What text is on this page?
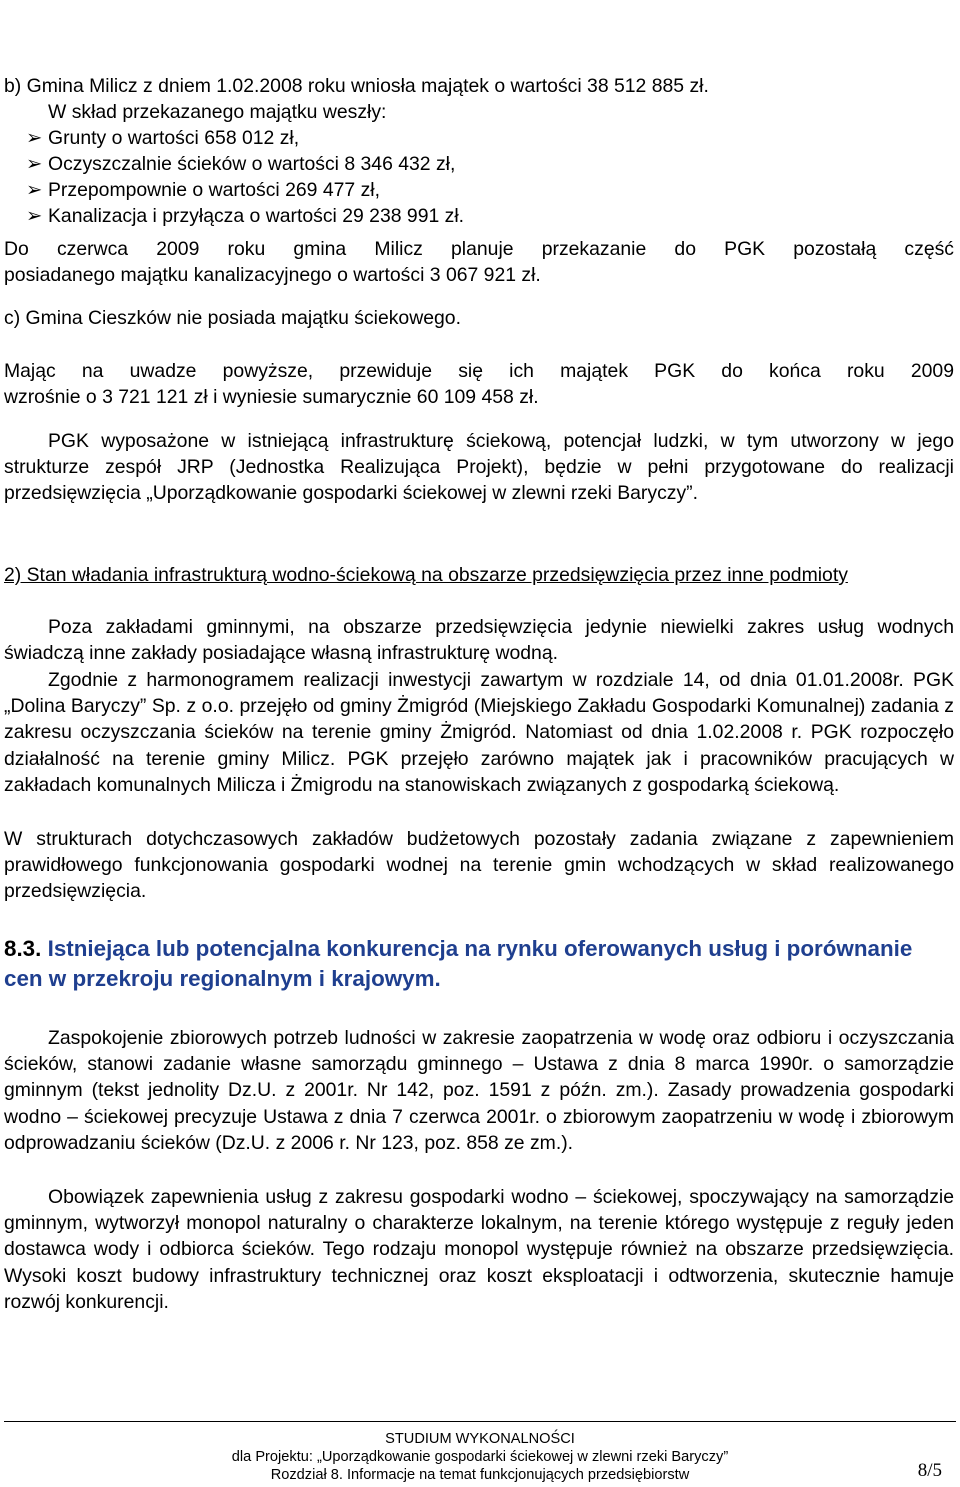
b) Gmina Milicz z dniem 1.02.2008 roku wniosła majątek o wartości 38 512 885 zł.
W skład przekazanego majątku weszły:
➢ Grunty o wartości 658 012 zł,
➢ Oczyszczalnie ścieków o wartości 8 346 432 zł,
➢ Przepompownie o wartości 269 477 zł,
➢ Kanalizacja i przyłącza o wartości 29 238 991 zł.
Do czerwca 2009 roku gmina Milicz planuje przekazanie do PGK pozostałą część
posiadanego majątku kanalizacyjnego o wartości 3 067 921 zł.
c) Gmina Cieszków nie posiada majątku ściekowego.
Mając na uwadze powyższe, przewiduje się ich majątek PGK do końca roku 2009
wzrośnie o 3 721 121 zł i wyniesie sumarycznie 60 109 458 zł.
PGK wyposażone w istniejącą infrastrukturę ściekową, potencjał ludzki, w tym utworzony w jego strukturze zespół JRP (Jednostka Realizująca Projekt), będzie w pełni przygotowane do realizacji przedsięwzięcia „Uporządkowanie gospodarki ściekowej w zlewni rzeki Baryczy”.
2) Stan władania infrastrukturą wodno-ściekową na obszarze przedsięwzięcia przez inne podmioty
Poza zakładami gminnymi, na obszarze przedsięwzięcia jedynie niewielki zakres usług wodnych świadczą inne zakłady posiadające własną infrastrukturę wodną.
Zgodnie z harmonogramem realizacji inwestycji zawartym w rozdziale 14, od dnia 01.01.2008r. PGK „Dolina Baryczy” Sp. z o.o. przejęło od gminy Żmigród (Miejskiego Zakładu Gospodarki Komunalnej) zadania z zakresu oczyszczania ścieków na terenie gminy Żmigród. Natomiast od dnia 1.02.2008 r. PGK rozpoczęło działalność na terenie gminy Milicz. PGK przejęło zarówno majątek jak i pracowników pracujących w zakładach komunalnych Milicza i Żmigrodu na stanowiskach związanych z gospodarką ściekową.
W strukturach dotychczasowych zakładów budżetowych pozostały zadania związane z zapewnieniem prawidłowego funkcjonowania gospodarki wodnej na terenie gmin wchodzących w skład realizowanego przedsięwzięcia.
8.3. Istniejąca lub potencjalna konkurencja na rynku oferowanych usług i porównanie cen w przekroju regionalnym i krajowym.
Zaspokojenie zbiorowych potrzeb ludności w zakresie zaopatrzenia w wodę oraz odbioru i oczyszczania ścieków, stanowi zadanie własne samorządu gminnego – Ustawa z dnia 8 marca 1990r. o samorządzie gminnym (tekst jednolity Dz.U. z 2001r. Nr 142, poz. 1591 z późn. zm.). Zasady prowadzenia gospodarki wodno – ściekowej precyzuje Ustawa z dnia 7 czerwca 2001r. o zbiorowym zaopatrzeniu w wodę i zbiorowym odprowadzaniu ścieków (Dz.U. z 2006 r. Nr 123, poz. 858 ze zm.).
Obowiązek zapewnienia usług z zakresu gospodarki wodno – ściekowej, spoczywający na samorządzie gminnym, wytworzył monopol naturalny o charakterze lokalnym, na terenie którego występuje z reguły jeden dostawca wody i odbiorca ścieków. Tego rodzaju monopol występuje również na obszarze przedsięwzięcia. Wysoki koszt budowy infrastruktury technicznej oraz koszt eksploatacji i odtworzenia, skutecznie hamuje rozwój konkurencji.
STUDIUM WYKONALNOŚCI
dla Projektu: „Uporządkowanie gospodarki ściekowej w zlewni rzeki Baryczy”
Rozdział 8. Informacje na temat funkcjonujących przedsiębiorstw	8/5
